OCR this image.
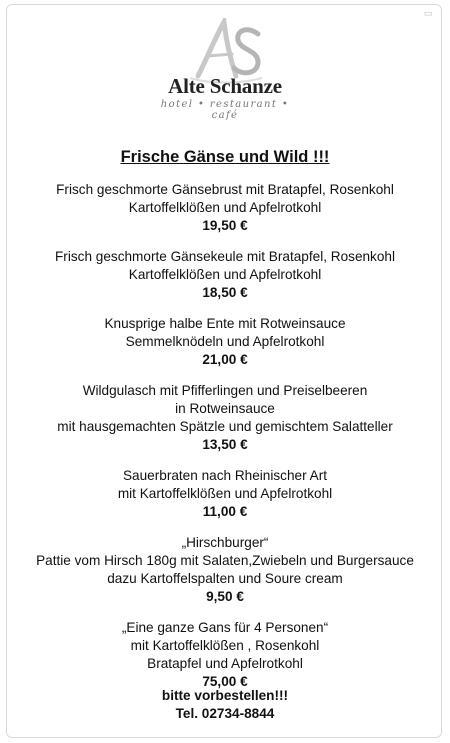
▭
Alte Schanze
hotel • restaurant • café
Frische Gänse und Wild !!!
Frisch geschmorte Gänsebrust mit Bratapfel, Rosenkohl
Kartoffelklößen und Apfelrotkohl
19,50 €
Frisch geschmorte Gänsekeule mit Bratapfel, Rosenkohl
Kartoffelklößen und Apfelrotkohl
18,50 €
Knusprige halbe Ente mit Rotweinsauce
Semmelknödeln und Apfelrotkohl
21,00 €
Wildgulasch mit Pfifferlingen und Preiselbeeren
in Rotweinsauce
mit hausgemachten Spätzle und gemischtem Salatteller
13,50 €
Sauerbraten nach Rheinischer Art
mit Kartoffelklößen und Apfelrotkohl
11,00 €
„Hirschburger“
Pattie vom Hirsch 180g mit Salaten,Zwiebeln und Burgersauce
dazu Kartoffelspalten und Soure cream
9,50 €
„Eine ganze Gans für 4 Personen“
mit Kartoffelklößen , Rosenkohl
Bratapfel und Apfelrotkohl
75,00 €
bitte vorbestellen!!!
Tel. 02734-8844
